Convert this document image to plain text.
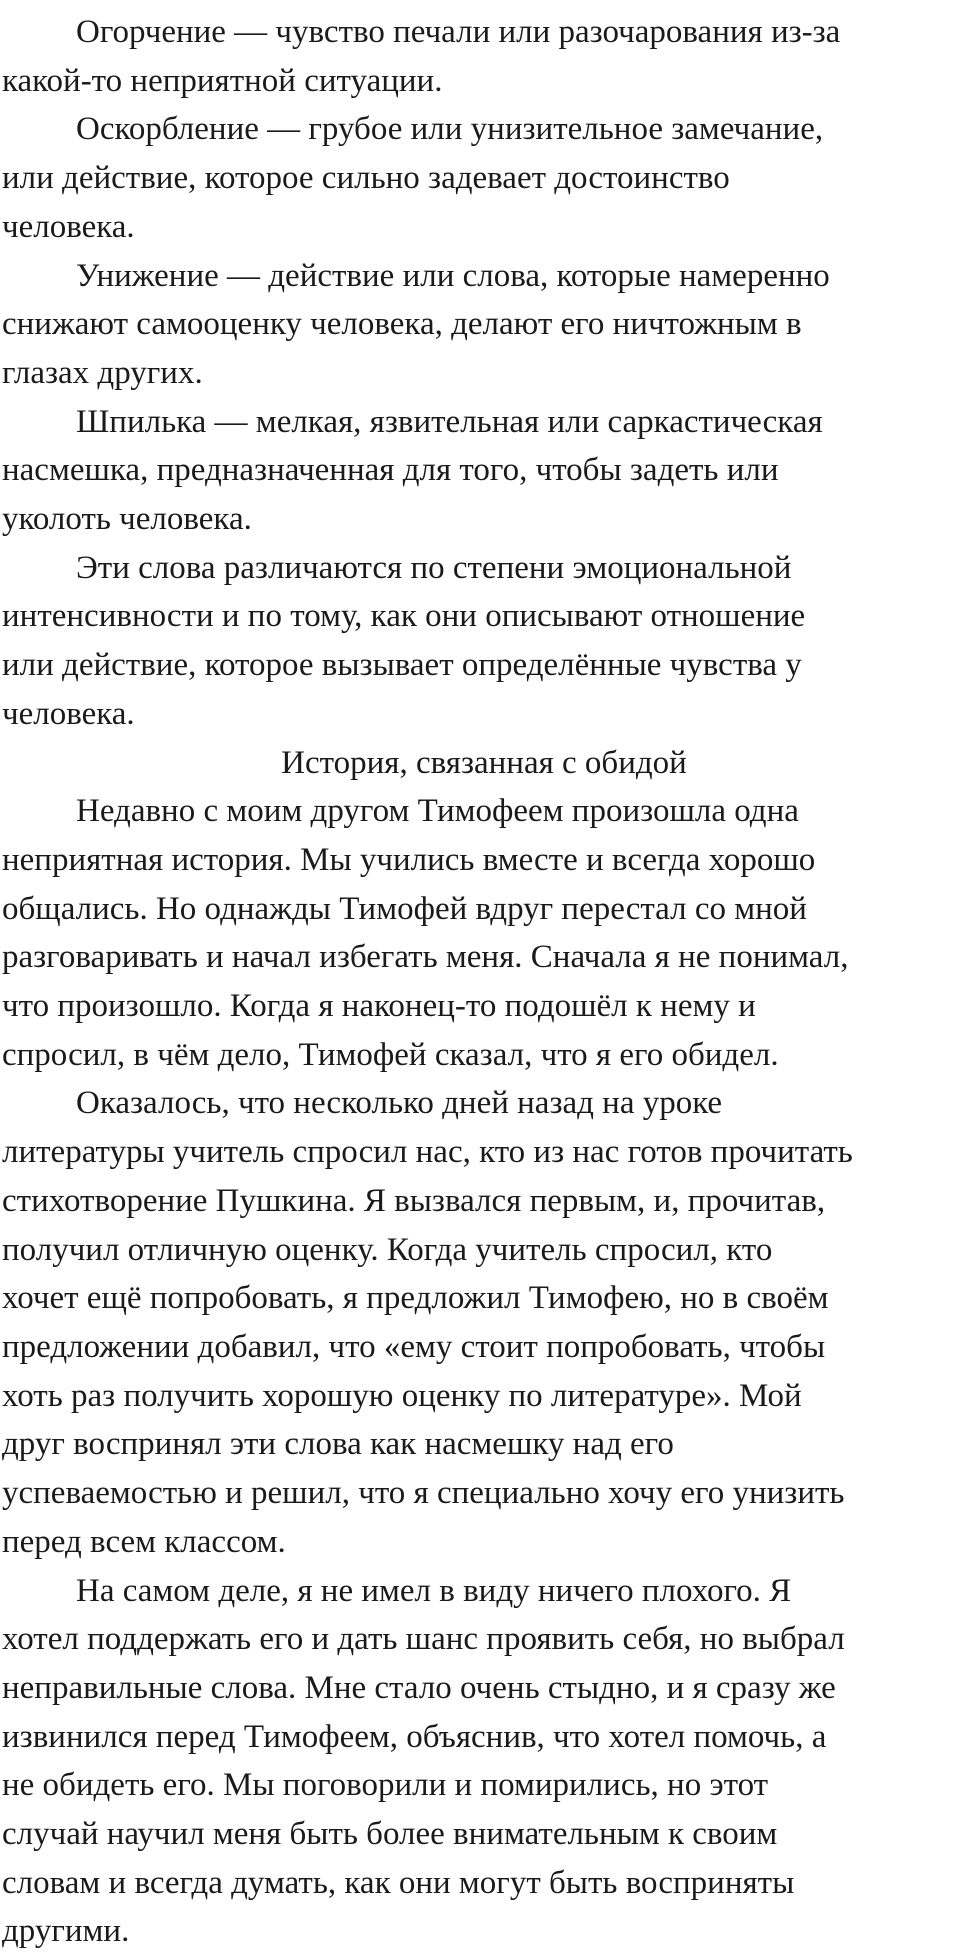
Огорчение — чувство печали или разочарования из-за
какой-то неприятной ситуации.

Оскорбление — грубое или унизительное замечание,
или действие, которое сильно задевает достоинство
человека.

Унижение — действие или слова, которые намеренно
снижают самооценку человека, делают его ничтожным в
глазах других.

Шпилька — мелкая, язвительная или саркастическая
насмешка, предназначенная для того, чтобы задеть или
уколоть человека.

Эти слова различаются по степени эмоциональной
интенсивности и по тому, как они описывают отношение
или действие, которое вызывает определённые чувства у
человека.

История, связанная с обидой

Недавно с моим другом Тимофеем произошла одна
неприятная история. Мы учились вместе и всегда хорошо
общались. Но однажды Тимофей вдруг перестал со мной
разговаривать и начал избегать меня. Сначала я не понимал,
что произошло. Когда я наконец-то подошёл к нему и
спросил, в чём дело, Тимофей сказал, что я его обидел.

Оказалось, что несколько дней назад на уроке
литературы учитель спросил нас, кто из нас готов прочитать
стихотворение Пушкина. Я вызвался первым, и, прочитав,
получил отличную оценку. Когда учитель спросил, кто
хочет ещё попробовать, я предложил Тимофею, но в своём
предложении добавил, что «ему стоит попробовать, чтобы
хоть раз получить хорошую оценку по литературе». Мой
друг воспринял эти слова как насмешку над его
успеваемостью и решил, что я специально хочу его унизить
перед всем классом.

На самом деле, я не имел в виду ничего плохого. Я
хотел поддержать его и дать шанс проявить себя, но выбрал
неправильные слова. Мне стало очень стыдно, и я сразу же
извинился перед Тимофеем, объяснив, что хотел помочь, а
не обидеть его. Мы поговорили и помирились, но этот
случай научил меня быть более внимательным к своим
словам и всегда думать, как они могут быть восприняты
другими.
